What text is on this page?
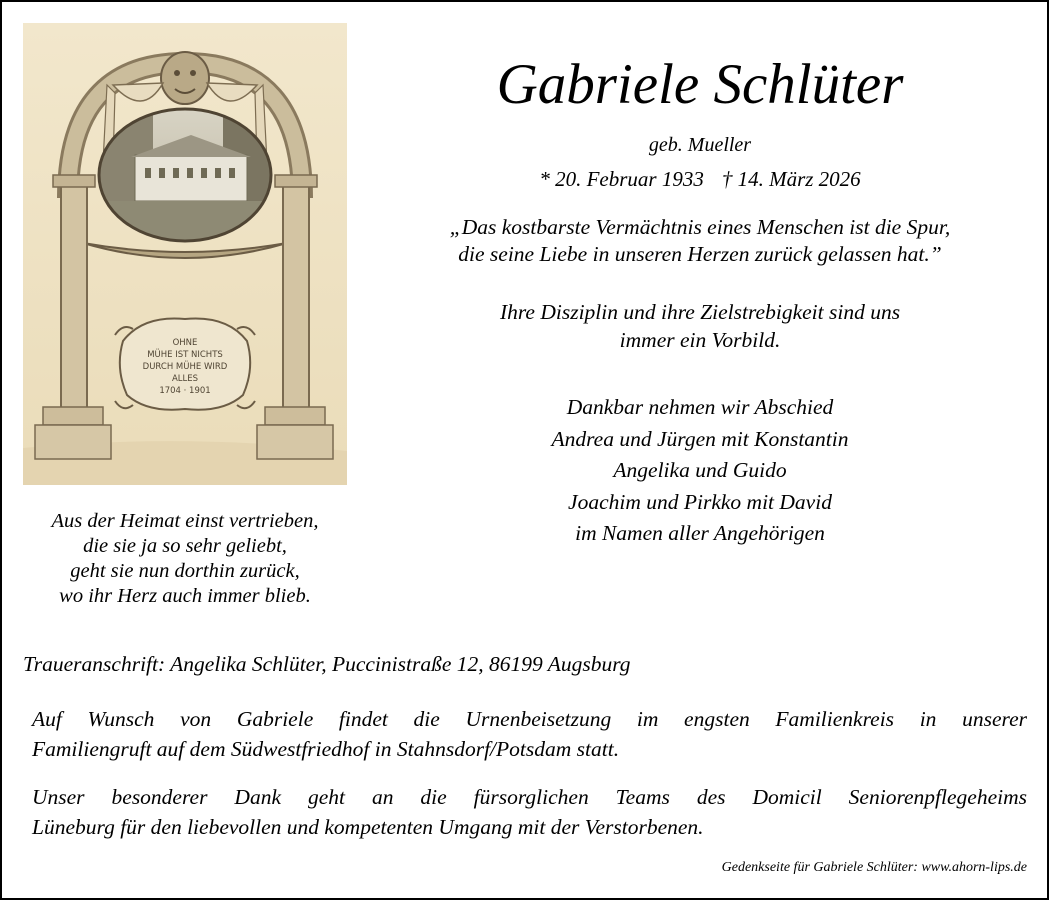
OHNE
MÜHE IST NICHTS
DURCH MÜHE WIRD
ALLES
1704 · 1901
Aus der Heimat einst vertrieben,
die sie ja so sehr geliebt,
geht sie nun dorthin zurück,
wo ihr Herz auch immer blieb.
Gabriele Schlüter
geb. Mueller
* 20. Februar 1933 † 14. März 2026
„Das kostbarste Vermächtnis eines Menschen ist die Spur,
die seine Liebe in unseren Herzen zurück gelassen hat.”
Ihre Disziplin und ihre Zielstrebigkeit sind uns
immer ein Vorbild.
Dankbar nehmen wir Abschied
Andrea und Jürgen mit Konstantin
Angelika und Guido
Joachim und Pirkko mit David
im Namen aller Angehörigen
Traueranschrift: Angelika Schlüter, Puccinistraße 12, 86199 Augsburg
Auf Wunsch von Gabriele findet die Urnenbeisetzung im engsten Familienkreis in unserer
Familiengruft auf dem Südwestfriedhof in Stahnsdorf/Potsdam statt.
Unser besonderer Dank geht an die fürsorglichen Teams des Domicil Seniorenpflegeheims
Lüneburg für den liebevollen und kompetenten Umgang mit der Verstorbenen.
Gedenkseite für Gabriele Schlüter: www.ahorn-lips.de
